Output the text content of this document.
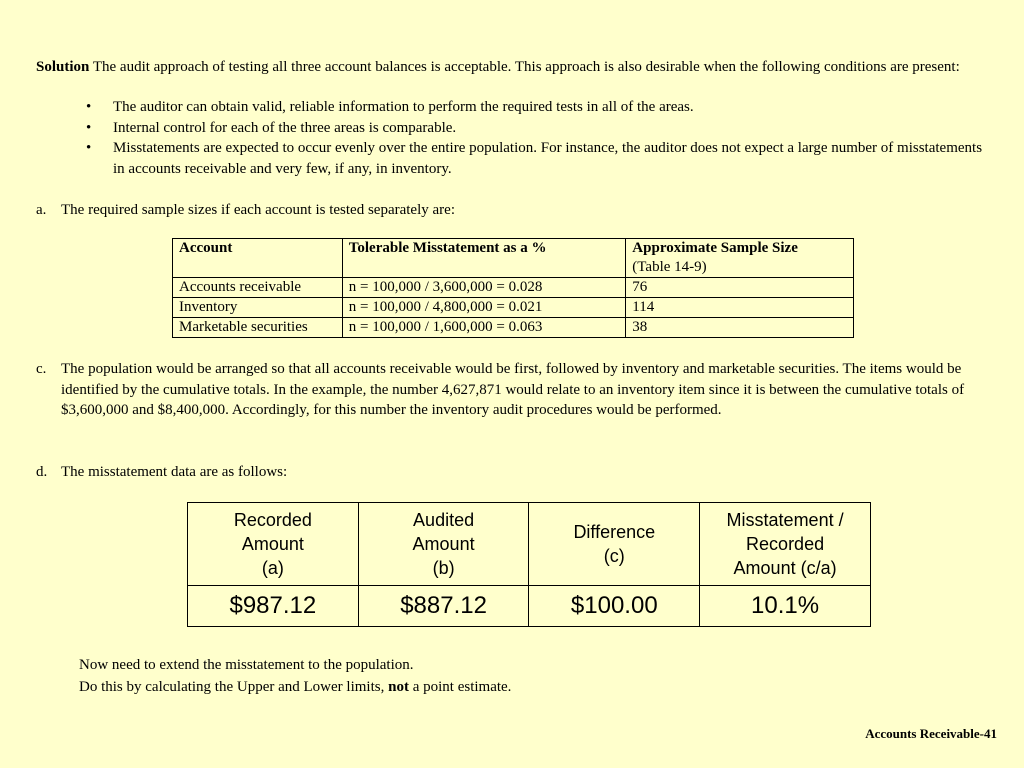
Solution The audit approach of testing all three account balances is acceptable. This approach is also desirable when the following conditions are present:
• The auditor can obtain valid, reliable information to perform the required tests in all of the areas.
• Internal control for each of the three areas is comparable.
• Misstatements are expected to occur evenly over the entire population. For instance, the auditor does not expect a large number of misstatements in accounts receivable and very few, if any, in inventory.
a. The required sample sizes if each account is tested separately are:
Account	Tolerable Misstatement as a %	Approximate Sample Size
(Table 14-9)

Accounts receivable	n = 100,000 / 3,600,000 = 0.028	76
Inventory	n = 100,000 / 4,800,000 = 0.021	114
Marketable securities	n = 100,000 / 1,600,000 = 0.063	38
c. The population would be arranged so that all accounts receivable would be first, followed by inventory and marketable securities. The items would be identified by the cumulative totals. In the example, the number 4,627,871 would relate to an inventory item since it is between the cumulative totals of $3,600,000 and $8,400,000. Accordingly, for this number the inventory audit procedures would be performed.
d. The misstatement data are as follows:
Recorded
Amount
(a)	Audited
Amount
(b)	Difference
(c)	Misstatement /
Recorded
Amount (c/a)

$987.12	$887.12	$100.00	10.1%
Now need to extend the misstatement to the population.
Do this by calculating the Upper and Lower limits, not a point estimate.
Accounts Receivable-41
